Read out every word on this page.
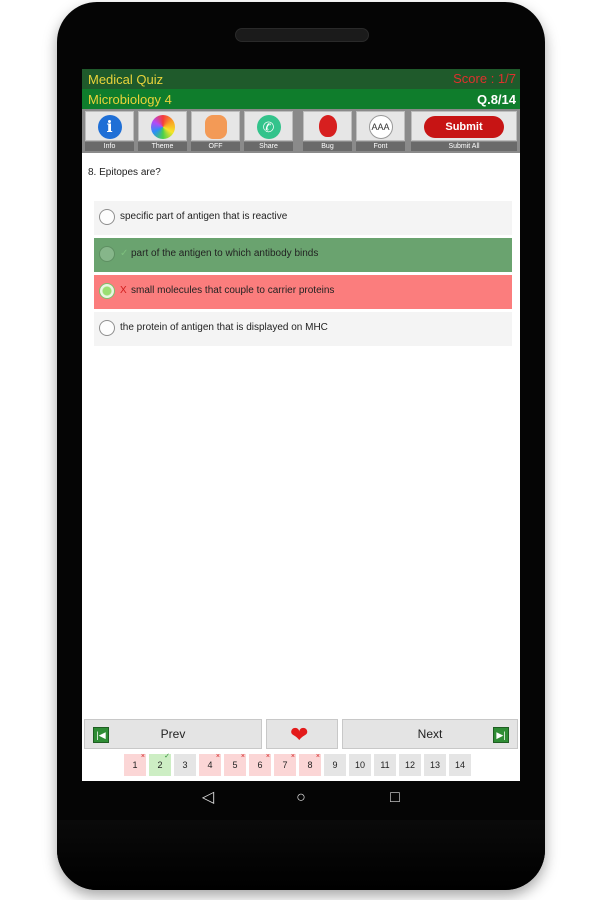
Medical Quiz	Score : 1/7
Microbiology 4	Q.8/14
i
Info	Theme	OFF
✆
Share	Bug
AAA
Font
Submit
Submit All
8. Epitopes are?
specific part of antigen that is reactive
✓ part of the antigen to which antibody binds
X small molecules that couple to carrier proteins
the protein of antigen that is displayed on MHC
|◀	Prev	❤	Next	▶|
1
×
2
✓
3	4
×
5
×
6
×
7
×
8
×
9	10	11	12	13	14
◁	○	□
